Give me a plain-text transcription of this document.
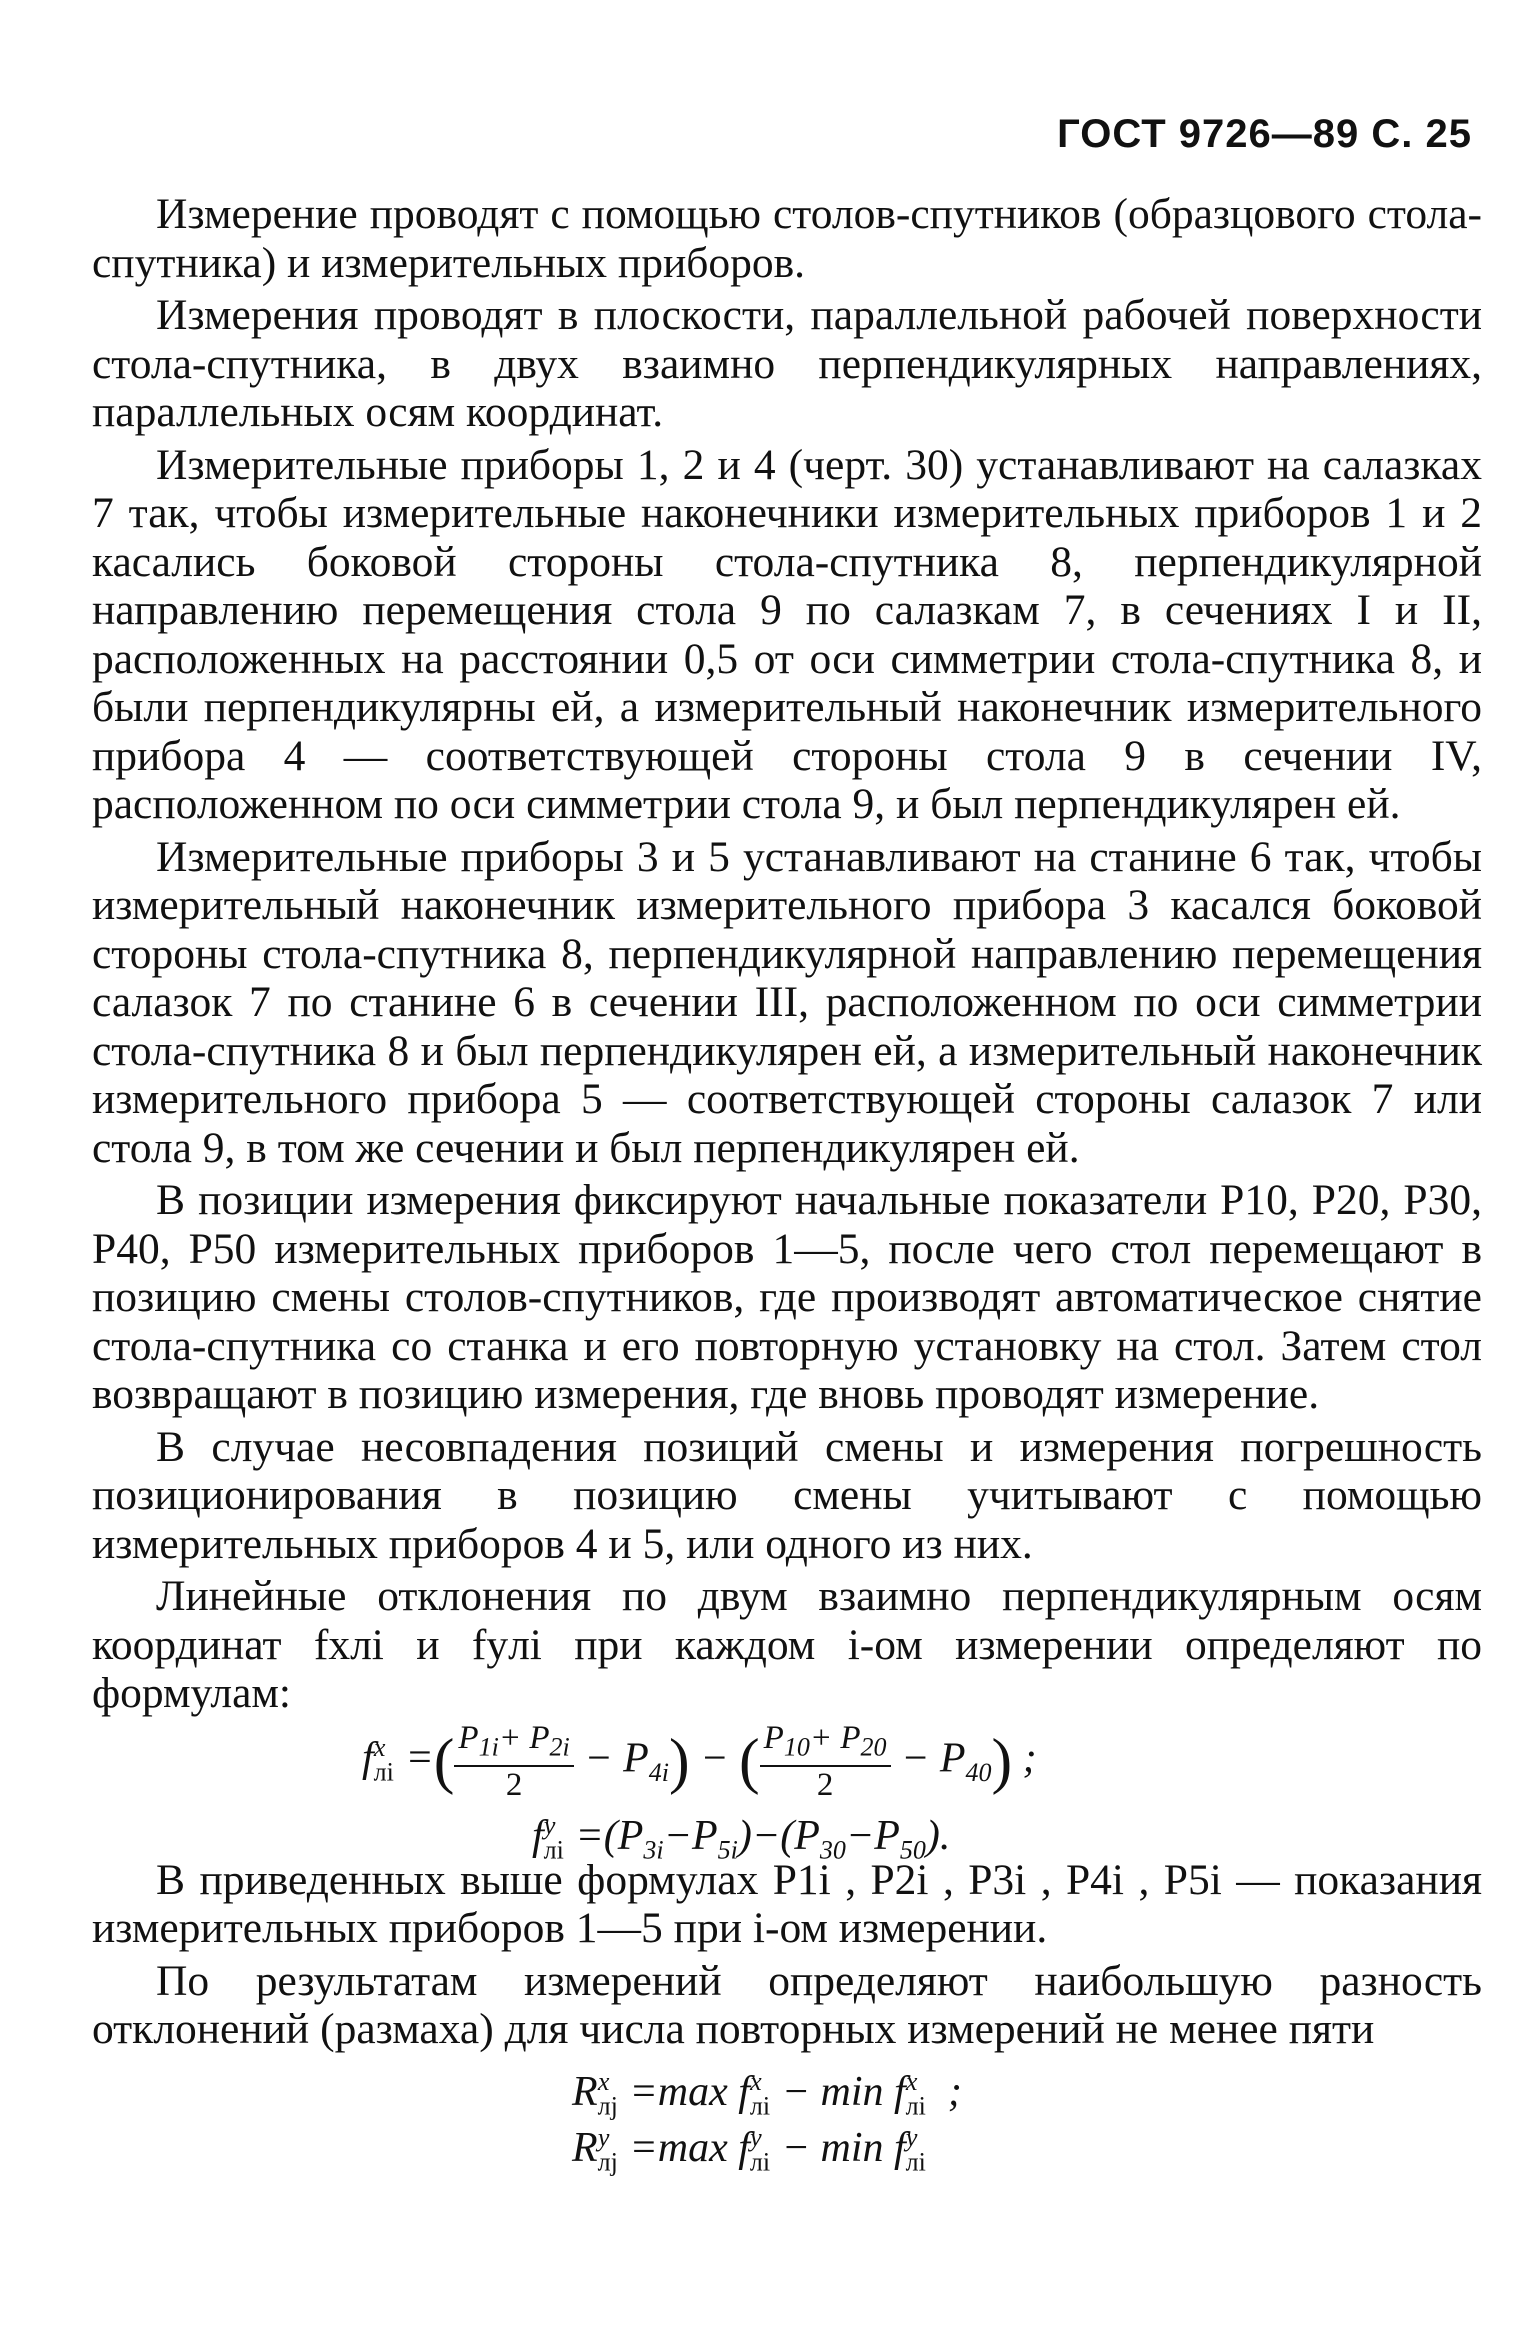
ГОСТ 9726—89 С. 25

Измерение проводят с помощью столов-спутников (образцового стола-спутника) и измерительных приборов.

Измерения проводят в плоскости, параллельной рабочей поверхности стола-спутника, в двух взаимно перпендикулярных направлениях, параллельных осям координат.

Измерительные приборы 1, 2 и 4 (черт. 30) устанавливают на салазках 7 так, чтобы измерительные наконечники измерительных приборов 1 и 2 касались боковой стороны стола-спутника 8, перпендикулярной направлению перемещения стола 9 по салазкам 7, в сечениях I и II, расположенных на расстоянии 0,5 от оси симметрии стола-спутника 8, и были перпендикулярны ей, а измерительный наконечник измерительного прибора 4 — соответствующей стороны стола 9 в сечении IV, расположенном по оси симметрии стола 9, и был перпендикулярен ей.

Измерительные приборы 3 и 5 устанавливают на станине 6 так, чтобы измерительный наконечник измерительного прибора 3 касался боковой стороны стола-спутника 8, перпендикулярной направлению перемещения салазок 7 по станине 6 в сечении III, расположенном по оси симметрии стола-спутника 8 и был перпендикулярен ей, а измерительный наконечник измерительного прибора 5 — соответствующей стороны салазок 7 или стола 9, в том же сечении и был перпендикулярен ей.

В позиции измерения фиксируют начальные показатели P10, P20, P30, P40, P50 измерительных приборов 1—5, после чего стол перемещают в позицию смены столов-спутников, где производят автоматическое снятие стола-спутника со станка и его повторную установку на стол. Затем стол возвращают в позицию измерения, где вновь проводят измерение.

В случае несовпадения позиций смены и измерения погрешность позиционирования в позицию смены учитывают с помощью измерительных приборов 4 и 5, или одного из них.

Линейные отклонения по двум взаимно перпендикулярным осям координат fxлi и fyлi при каждом i-ом измерении определяют по формулам:

$f_{лi}^x$ =( $\frac{P_{1i}+ P_{2i}}{2} - P_{4i}$) − ( $\frac{P_{10}+ P_{20}}{2} - P_{40}$) ;
$f_{лi}^y =(P_{3i}-P_{5i})-(P_{30}-P_{50})$.

В приведенных выше формулах P1i , P2i , P3i , P4i , P5i — показания измерительных приборов 1—5 при i-ом измерении.

По результатам измерений определяют наибольшую разность отклонений (размаха) для числа повторных измерений не менее пяти

$R_{лj}^x =\max$ $f_{лi}^x - \min f_{лi}^x$ ;
$R_{лj}^y =\max$ $f_{лi}^y - \min f_{лi}^y$
